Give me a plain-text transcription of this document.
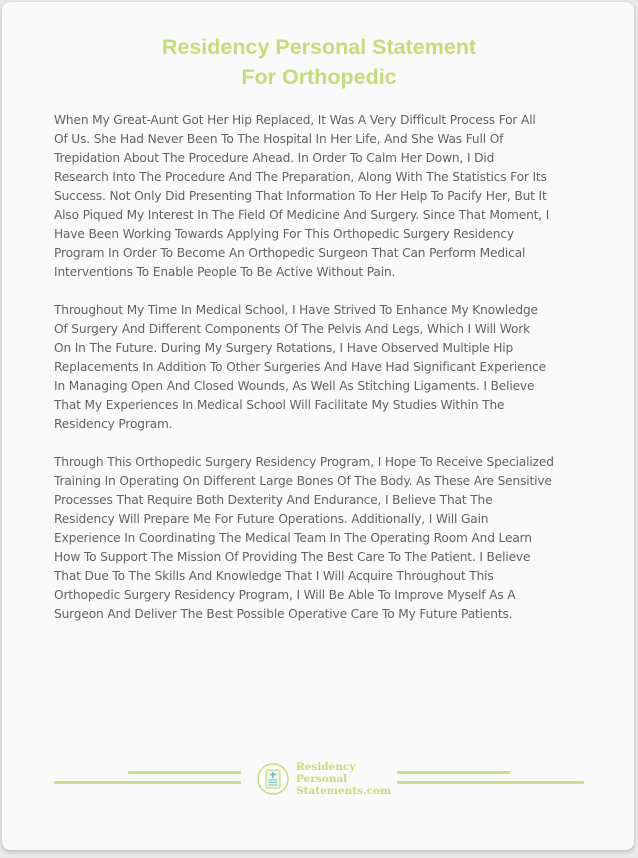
Residency Personal Statement
For Orthopedic

When My Great-Aunt Got Her Hip Replaced, It Was A Very Difficult Process For All
Of Us. She Had Never Been To The Hospital In Her Life, And She Was Full Of
Trepidation About The Procedure Ahead. In Order To Calm Her Down, I Did
Research Into The Procedure And The Preparation, Along With The Statistics For Its
Success. Not Only Did Presenting That Information To Her Help To Pacify Her, But It
Also Piqued My Interest In The Field Of Medicine And Surgery. Since That Moment, I
Have Been Working Towards Applying For This Orthopedic Surgery Residency
Program In Order To Become An Orthopedic Surgeon That Can Perform Medical
Interventions To Enable People To Be Active Without Pain.

Throughout My Time In Medical School, I Have Strived To Enhance My Knowledge
Of Surgery And Different Components Of The Pelvis And Legs, Which I Will Work
On In The Future. During My Surgery Rotations, I Have Observed Multiple Hip
Replacements In Addition To Other Surgeries And Have Had Significant Experience
In Managing Open And Closed Wounds, As Well As Stitching Ligaments. I Believe
That My Experiences In Medical School Will Facilitate My Studies Within The
Residency Program.

Through This Orthopedic Surgery Residency Program, I Hope To Receive Specialized
Training In Operating On Different Large Bones Of The Body. As These Are Sensitive
Processes That Require Both Dexterity And Endurance, I Believe That The
Residency Will Prepare Me For Future Operations. Additionally, I Will Gain
Experience In Coordinating The Medical Team In The Operating Room And Learn
How To Support The Mission Of Providing The Best Care To The Patient. I Believe
That Due To The Skills And Knowledge That I Will Acquire Throughout This
Orthopedic Surgery Residency Program, I Will Be Able To Improve Myself As A
Surgeon And Deliver The Best Possible Operative Care To My Future Patients.

Residency
Personal
Statements.com
